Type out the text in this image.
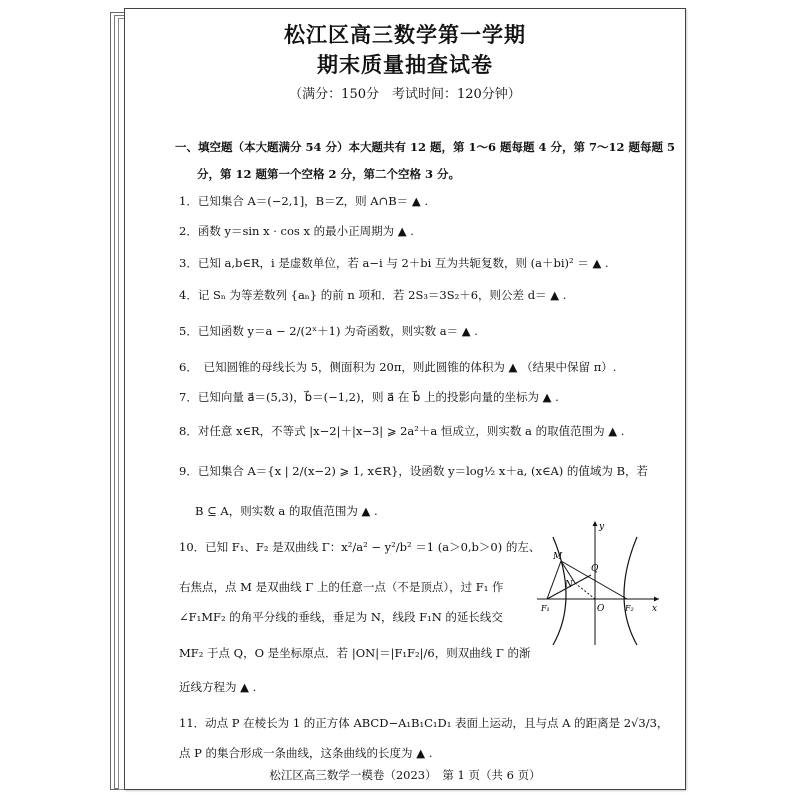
松江区高三数学第一学期
期末质量抽查试卷
（满分：150分　考试时间：120分钟）
一、填空题（本大题满分 54 分）本大题共有 12 题，第 1～6 题每题 4 分，第 7～12 题每题 5
分，第 12 题第一个空格 2 分，第二个空格 3 分。
1．已知集合 A＝(−2,1]，B＝Z，则 A∩B＝ ▲ .
2．函数 y＝sin x · cos x 的最小正周期为 ▲ .
3．已知 a,b∈R，i 是虚数单位，若 a−i 与 2＋bi 互为共轭复数，则 (a＋bi)² ＝ ▲ .
4．记 Sₙ 为等差数列 {aₙ} 的前 n 项和．若 2S₃＝3S₂＋6，则公差 d＝ ▲ .
5．已知函数 y＝a − 2/(2ˣ＋1) 为奇函数，则实数 a＝ ▲ .
6．　已知圆锥的母线长为 5，侧面积为 20π，则此圆锥的体积为 ▲ （结果中保留 π）.
7．已知向量 a⃗＝(5,3)，b⃗＝(−1,2)，则 a⃗ 在 b⃗ 上的投影向量的坐标为 ▲ .
8．对任意 x∈R，不等式 |x−2|＋|x−3| ⩾ 2a²＋a 恒成立，则实数 a 的取值范围为 ▲ .
9．已知集合 A＝{x | 2/(x−2) ⩾ 1, x∈R}，设函数 y＝log½ x＋a, (x∈A) 的值域为 B，若
B ⊆ A，则实数 a 的取值范围为 ▲ .
10．已知 F₁、F₂ 是双曲线 Γ：x²/a² − y²/b² ＝1 (a＞0,b＞0) 的左、
右焦点，点 M 是双曲线 Γ 上的任意一点（不是顶点），过 F₁ 作
∠F₁MF₂ 的角平分线的垂线，垂足为 N，线段 F₁N 的延长线交
MF₂ 于点 Q，O 是坐标原点．若 |ON|＝|F₁F₂|/6，则双曲线 Γ 的渐
近线方程为 ▲ .
11．动点 P 在棱长为 1 的正方体 ABCD−A₁B₁C₁D₁ 表面上运动，且与点 A 的距离是 2√3/3，
点 P 的集合形成一条曲线，这条曲线的长度为 ▲ .
y
x
M
Q
N
F₁	O	F₂
松江区高三数学一模卷（2023）　第 1 页（共 6 页）
